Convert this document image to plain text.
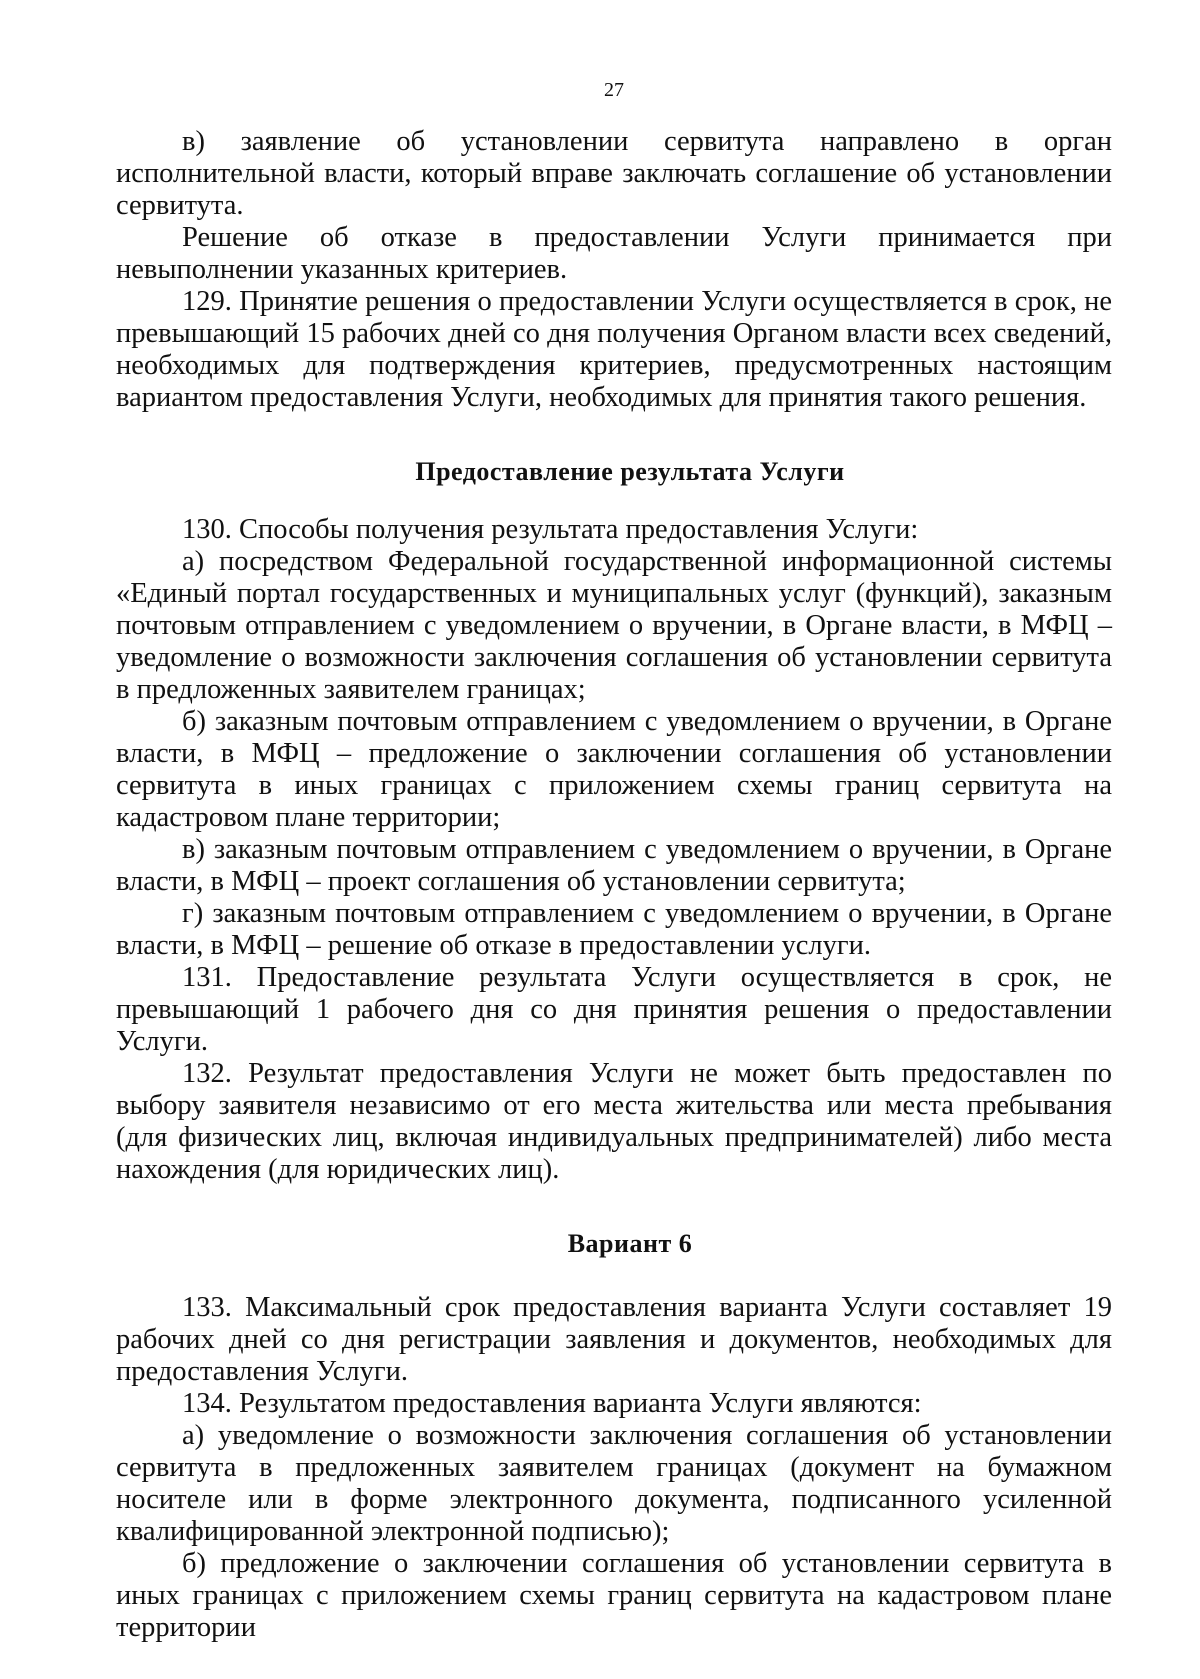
27

в) заявление об установлении сервитута направлено в орган исполнительной власти, который вправе заключать соглашение об установлении сервитута.

Решение об отказе в предоставлении Услуги принимается при невыполнении указанных критериев.

129. Принятие решения о предоставлении Услуги осуществляется в срок, не превышающий 15 рабочих дней со дня получения Органом власти всех сведений, необходимых для подтверждения критериев, предусмотренных настоящим вариантом предоставления Услуги, необходимых для принятия такого решения.

Предоставление результата Услуги

130. Способы получения результата предоставления Услуги:

а) посредством Федеральной государственной информационной системы «Единый портал государственных и муниципальных услуг (функций), заказным почтовым отправлением с уведомлением о вручении, в Органе власти, в МФЦ – уведомление о возможности заключения соглашения об установлении сервитута в предложенных заявителем границах;

б) заказным почтовым отправлением с уведомлением о вручении, в Органе власти, в МФЦ – предложение о заключении соглашения об установлении сервитута в иных границах с приложением схемы границ сервитута на кадастровом плане территории;

в) заказным почтовым отправлением с уведомлением о вручении, в Органе власти, в МФЦ – проект соглашения об установлении сервитута;

г) заказным почтовым отправлением с уведомлением о вручении, в Органе власти, в МФЦ – решение об отказе в предоставлении услуги.

131. Предоставление результата Услуги осуществляется в срок, не превышающий 1 рабочего дня со дня принятия решения о предоставлении Услуги.

132. Результат предоставления Услуги не может быть предоставлен по выбору заявителя независимо от его места жительства или места пребывания (для физических лиц, включая индивидуальных предпринимателей) либо места нахождения (для юридических лиц).

Вариант 6

133. Максимальный срок предоставления варианта Услуги составляет 19 рабочих дней со дня регистрации заявления и документов, необходимых для предоставления Услуги.

134. Результатом предоставления варианта Услуги являются:

а) уведомление о возможности заключения соглашения об установлении сервитута в предложенных заявителем границах (документ на бумажном носителе или в форме электронного документа, подписанного усиленной квалифицированной электронной подписью);

б) предложение о заключении соглашения об установлении сервитута в иных границах с приложением схемы границ сервитута на кадастровом плане территории
